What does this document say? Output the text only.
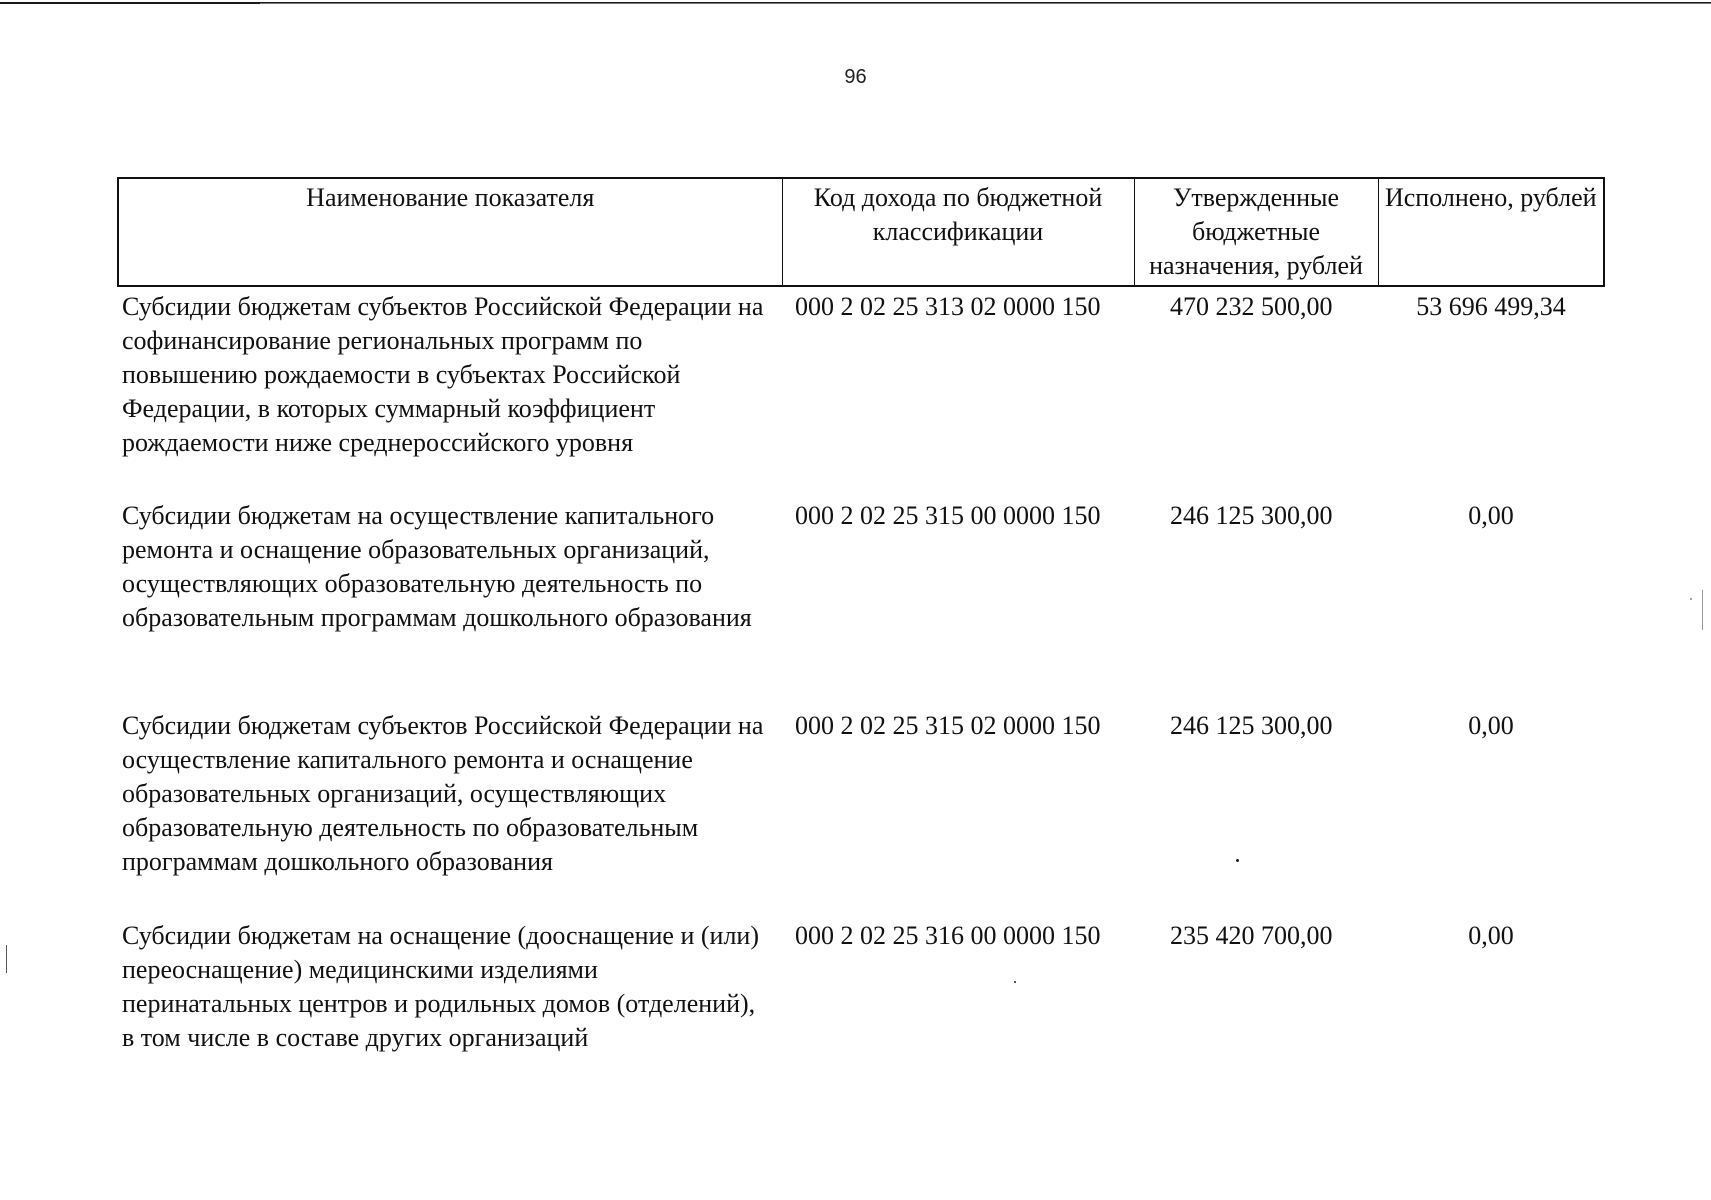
96
Наименование показателя	Код дохода по бюджетной классификации	Утвержденные бюджетные назначения, рублей	Исполнено, рублей
Субсидии бюджетам субъектов Российской Федерации на софинансирование региональных программ по повышению рождаемости в субъектах Российской Федерации, в которых суммарный коэффициент рождаемости ниже среднероссийского уровня	000 2 02 25 313 02 0000 150	470 232 500,00	53 696 499,34
Субсидии бюджетам на осуществление капитального ремонта и оснащение образовательных организаций, осуществляющих образовательную деятельность по образовательным программам дошкольного образования	000 2 02 25 315 00 0000 150	246 125 300,00	0,00
Субсидии бюджетам субъектов Российской Федерации на осуществление капитального ремонта и оснащение образовательных организаций, осуществляющих образовательную деятельность по образовательным программам дошкольного образования	000 2 02 25 315 02 0000 150	246 125 300,00	0,00
Субсидии бюджетам на оснащение (дооснащение и (или) переоснащение) медицинскими изделиями перинатальных центров и родильных домов (отделений), в том числе в составе других организаций	000 2 02 25 316 00 0000 150	235 420 700,00	0,00
